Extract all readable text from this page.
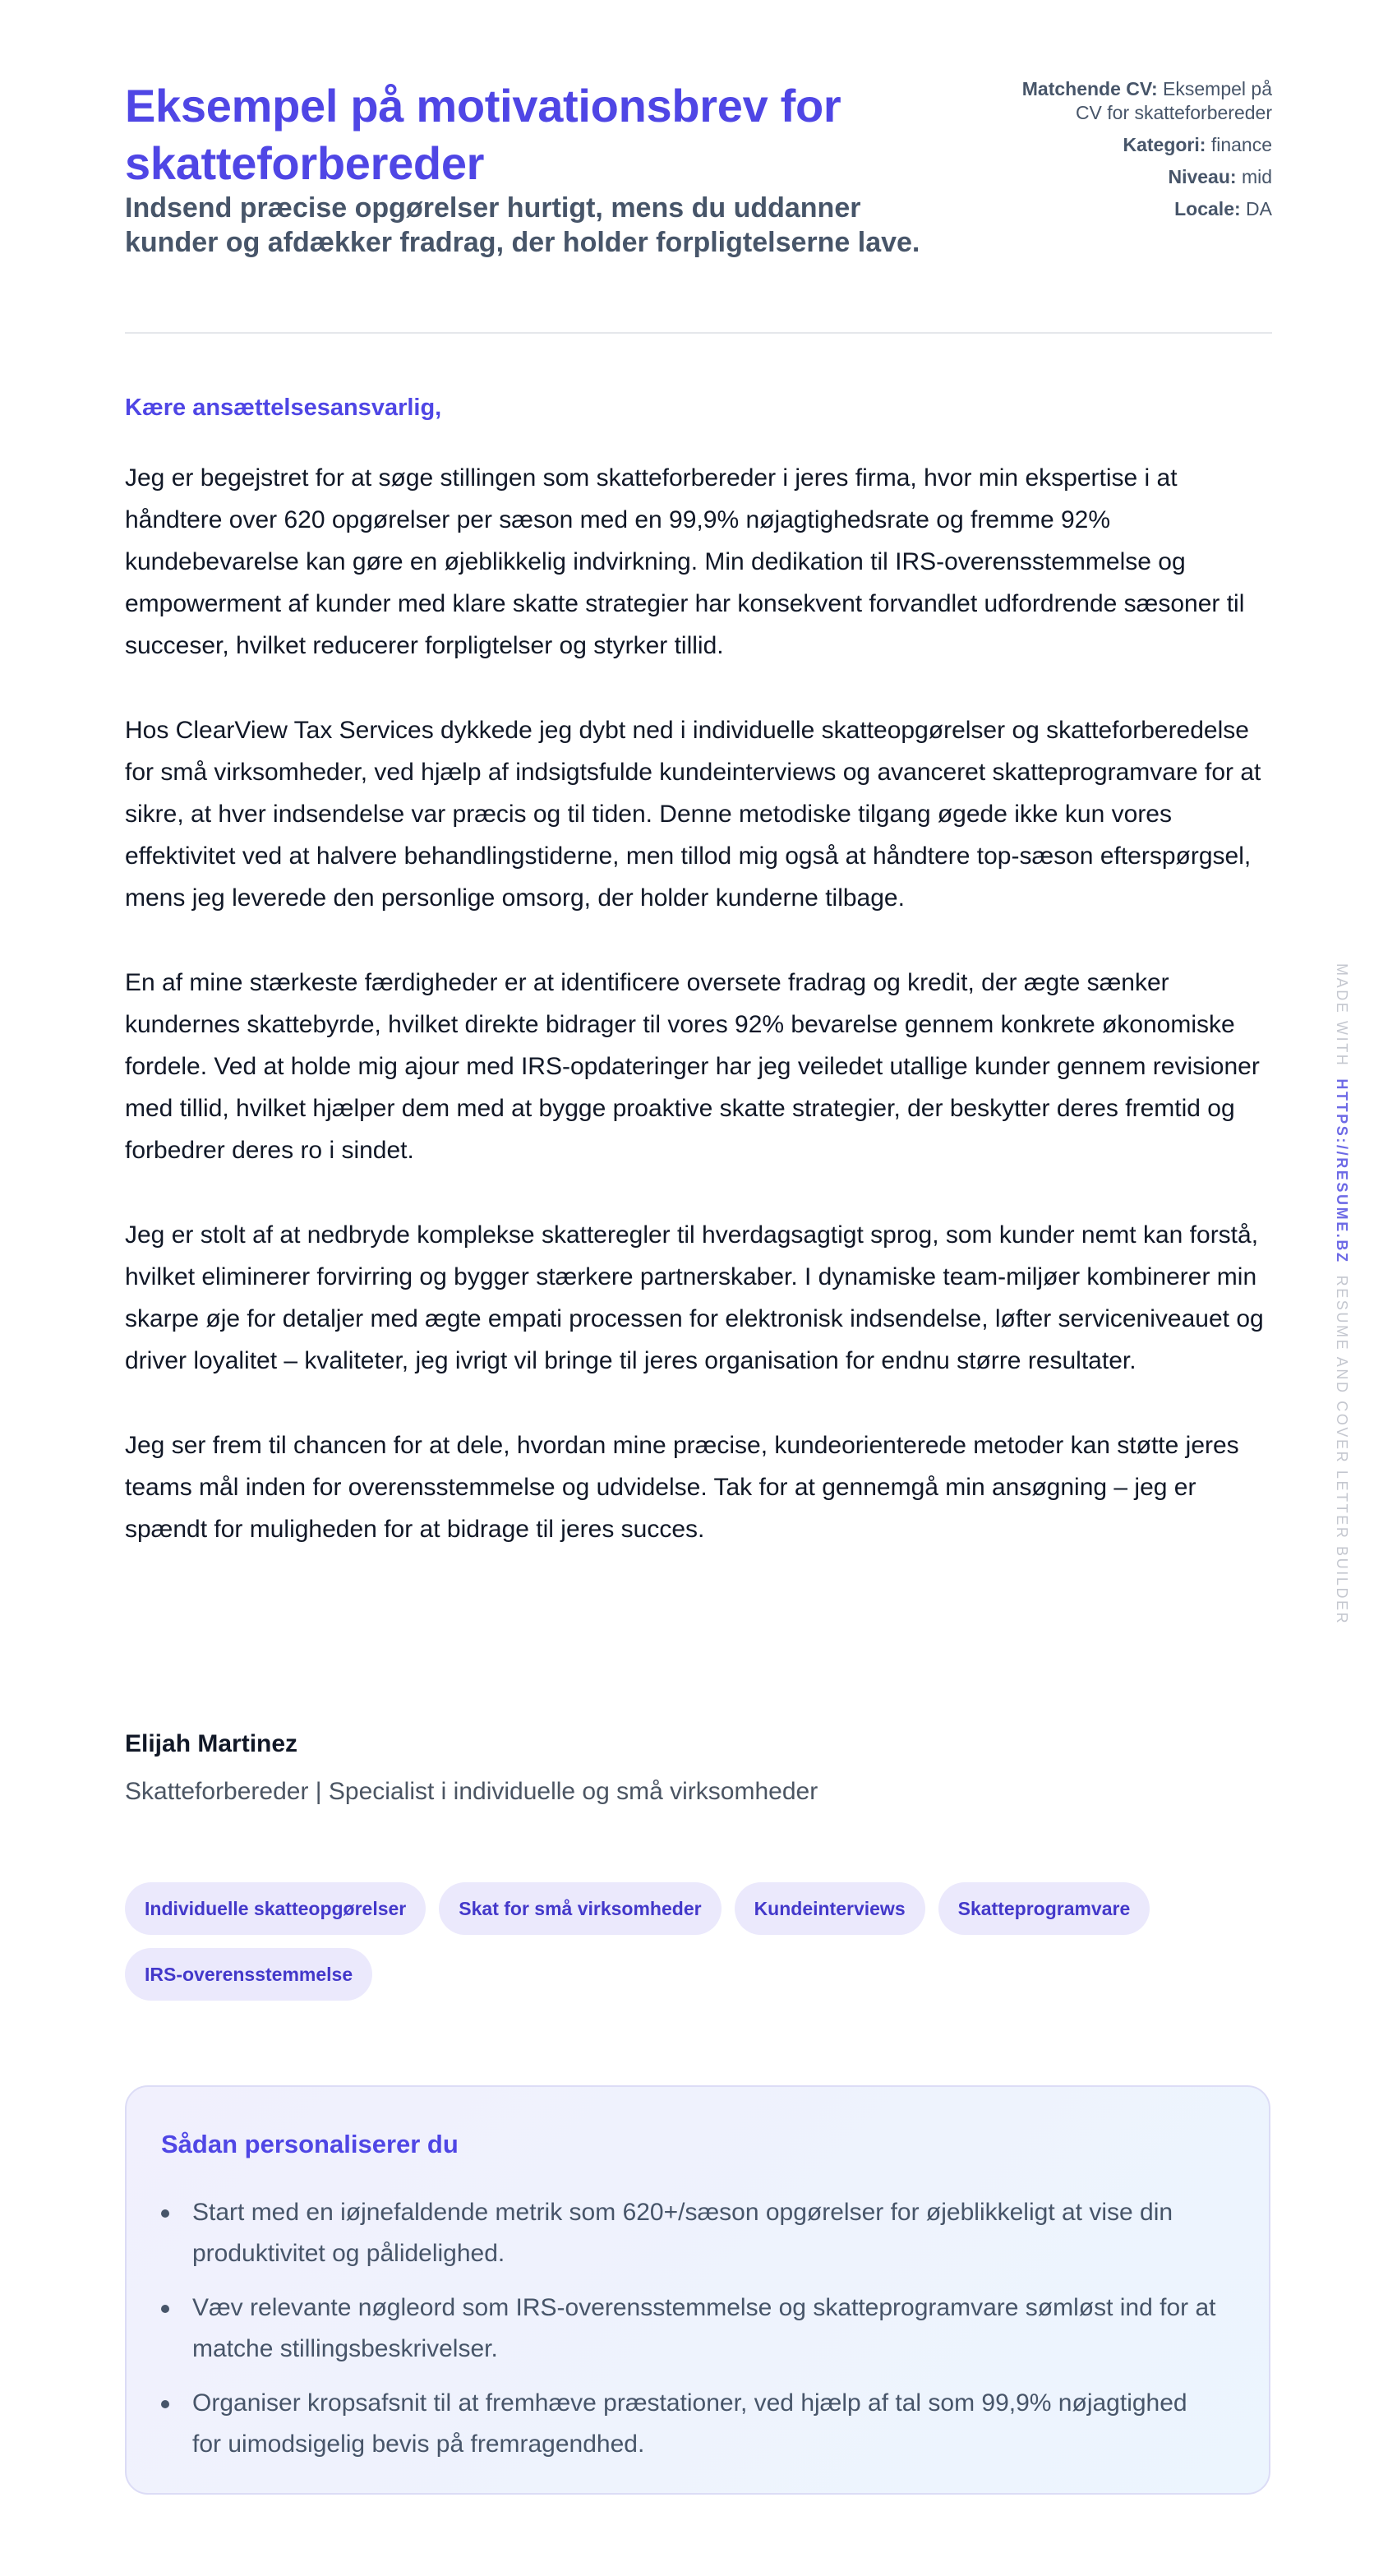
Eksempel på motivationsbrev for skatteforbereder
Indsend præcise opgørelser hurtigt, mens du uddanner kunder og afdækker fradrag, der holder forpligtelserne lave.
Matchende CV: Eksempel på CV for skatteforbereder
Kategori: finance
Niveau: mid
Locale: DA

Kære ansættelsesansvarlig,

Jeg er begejstret for at søge stillingen som skatteforbereder i jeres firma, hvor min ekspertise i at håndtere over 620 opgørelser per sæson med en 99,9% nøjagtighedsrate og fremme 92% kundebevarelse kan gøre en øjeblikkelig indvirkning. Min dedikation til IRS-overensstemmelse og empowerment af kunder med klare skatte strategier har konsekvent forvandlet udfordrende sæsoner til succeser, hvilket reducerer forpligtelser og styrker tillid.

Hos ClearView Tax Services dykkede jeg dybt ned i individuelle skatteopgørelser og skatteforberedelse for små virksomheder, ved hjælp af indsigtsfulde kundeinterviews og avanceret skatteprogramvare for at sikre, at hver indsendelse var præcis og til tiden. Denne metodiske tilgang øgede ikke kun vores effektivitet ved at halvere behandlingstiderne, men tillod mig også at håndtere top-sæson efterspørgsel, mens jeg leverede den personlige omsorg, der holder kunderne tilbage.

En af mine stærkeste færdigheder er at identificere oversete fradrag og kredit, der ægte sænker kundernes skattebyrde, hvilket direkte bidrager til vores 92% bevarelse gennem konkrete økonomiske fordele. Ved at holde mig ajour med IRS-opdateringer har jeg veiledet utallige kunder gennem revisioner med tillid, hvilket hjælper dem med at bygge proaktive skatte strategier, der beskytter deres fremtid og forbedrer deres ro i sindet.

Jeg er stolt af at nedbryde komplekse skatteregler til hverdagsagtigt sprog, som kunder nemt kan forstå, hvilket eliminerer forvirring og bygger stærkere partnerskaber. I dynamiske team-miljøer kombinerer min skarpe øje for detaljer med ægte empati processen for elektronisk indsendelse, løfter serviceniveauet og driver loyalitet – kvaliteter, jeg ivrigt vil bringe til jeres organisation for endnu større resultater.

Jeg ser frem til chancen for at dele, hvordan mine præcise, kundeorienterede metoder kan støtte jeres teams mål inden for overensstemmelse og udvidelse. Tak for at gennemgå min ansøgning – jeg er spændt for muligheden for at bidrage til jeres succes.

Elijah Martinez
Skatteforbereder | Specialist i individuelle og små virksomheder
Individuelle skatteopgørelser	Skat for små virksomheder	Kundeinterviews	Skatteprogramvare
IRS-overensstemmelse
Sådan personaliserer du
Start med en iøjnefaldende metrik som 620+/sæson opgørelser for øjeblikkeligt at vise din produktivitet og pålidelighed.
Væv relevante nøgleord som IRS-overensstemmelse og skatteprogramvare sømløst ind for at matche stillingsbeskrivelser.
Organiser kropsafsnit til at fremhæve præstationer, ved hjælp af tal som 99,9% nøjagtighed for uimodsigelig bevis på fremragendhed.
MADE WITHHTTPS://RESUME.BZRESUME AND COVER LETTER BUILDER
